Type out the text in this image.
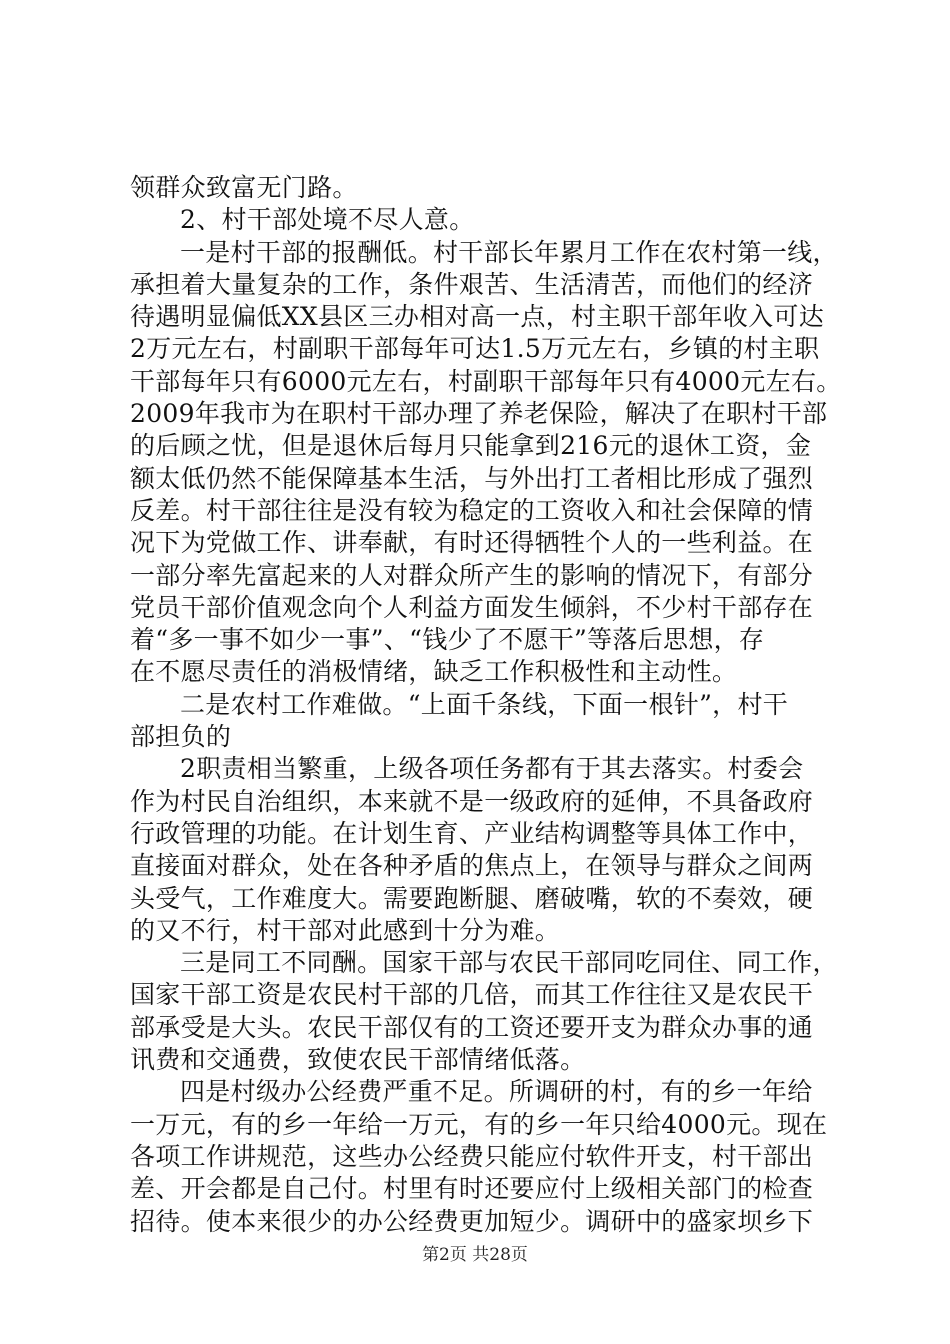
领群众致富无门路。
2、村干部处境不尽人意。
一是村干部的报酬低。村干部长年累月工作在农村第一线，
承担着大量复杂的工作，条件艰苦、生活清苦，而他们的经济
待遇明显偏低XX县区三办相对高一点，村主职干部年收入可达
2万元左右，村副职干部每年可达1.5万元左右，乡镇的村主职
干部每年只有6000元左右，村副职干部每年只有4000元左右。
2009年我市为在职村干部办理了养老保险，解决了在职村干部
的后顾之忧，但是退休后每月只能拿到216元的退休工资，金
额太低仍然不能保障基本生活，与外出打工者相比形成了强烈
反差。村干部往往是没有较为稳定的工资收入和社会保障的情
况下为党做工作、讲奉献，有时还得牺牲个人的一些利益。在
一部分率先富起来的人对群众所产生的影响的情况下，有部分
党员干部价值观念向个人利益方面发生倾斜，不少村干部存在
着“多一事不如少一事”、“钱少了不愿干”等落后思想，存
在不愿尽责任的消极情绪，缺乏工作积极性和主动性。
二是农村工作难做。“上面千条线，下面一根针”，村干
部担负的
2职责相当繁重，上级各项任务都有于其去落实。村委会
作为村民自治组织，本来就不是一级政府的延伸，不具备政府
行政管理的功能。在计划生育、产业结构调整等具体工作中，
直接面对群众，处在各种矛盾的焦点上，在领导与群众之间两
头受气，工作难度大。需要跑断腿、磨破嘴，软的不奏效，硬
的又不行，村干部对此感到十分为难。
三是同工不同酬。国家干部与农民干部同吃同住、同工作，
国家干部工资是农民村干部的几倍，而其工作往往又是农民干
部承受是大头。农民干部仅有的工资还要开支为群众办事的通
讯费和交通费，致使农民干部情绪低落。
四是村级办公经费严重不足。所调研的村，有的乡一年给
一万元，有的乡一年给一万元，有的乡一年只给4000元。现在
各项工作讲规范，这些办公经费只能应付软件开支，村干部出
差、开会都是自己付。村里有时还要应付上级相关部门的检查
招待。使本来很少的办公经费更加短少。调研中的盛家坝乡下
第2页 共28页
